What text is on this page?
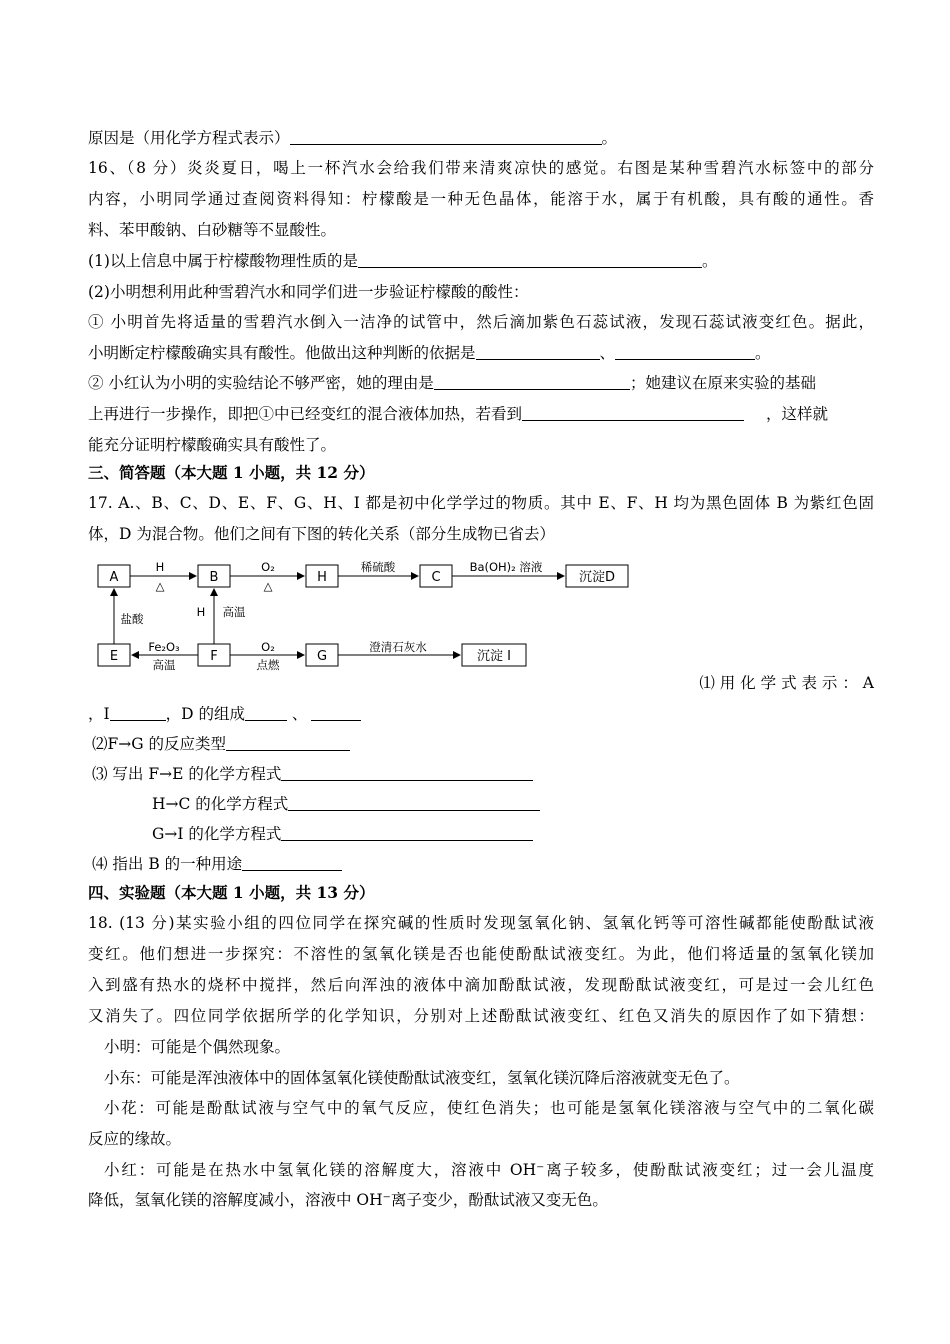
原因是（用化学方程式表示）	。
16、（8 分）炎炎夏日，喝上一杯汽水会给我们带来清爽凉快的感觉。右图是某种雪碧汽水标签中的部分
内容，小明同学通过查阅资料得知：柠檬酸是一种无色晶体，能溶于水，属于有机酸，具有酸的通性。香
料、苯甲酸钠、白砂糖等不显酸性。
(1)以上信息中属于柠檬酸物理性质的是	。
(2)小明想利用此种雪碧汽水和同学们进一步验证柠檬酸的酸性：
① 小明首先将适量的雪碧汽水倒入一洁净的试管中，然后滴加紫色石蕊试液，发现石蕊试液变红色。据此，
小明断定柠檬酸确实具有酸性。他做出这种判断的依据是	、	。
② 小红认为小明的实验结论不够严密，她的理由是	；她建议在原来实验的基础
上再进行一步操作，即把①中已经变红的混合液体加热，若看到	，这样就
能充分证明柠檬酸确实具有酸性了。
三、简答题（本大题 1 小题，共 12 分）
17. A.、B、C、D、E、F、G、H、I 都是初中化学学过的物质。其中 E、F、H 均为黑色固体 B 为紫红色固
体，D 为混合物。他们之间有下图的转化关系（部分生成物已省去）
A	B	H	C	沉淀D
E	F	G	沉淀 I
H
△
O₂
△
稀硫酸	Ba(OH)₂ 溶液
盐酸	H 高温
Fe₂O₃
高温
O₂
点燃
澄清石灰水
⑴ 用 化 学 式 表 示 ： A
，I	，D 的组成	、
⑵F→G 的反应类型
⑶ 写出 F→E 的化学方程式
H→C 的化学方程式
G→I 的化学方程式
⑷ 指出 B 的一种用途
四、实验题（本大题 1 小题，共 13 分）
18. (13 分)某实验小组的四位同学在探究碱的性质时发现氢氧化钠、氢氧化钙等可溶性碱都能使酚酞试液
变红。他们想进一步探究：不溶性的氢氧化镁是否也能使酚酞试液变红。为此，他们将适量的氢氧化镁加
入到盛有热水的烧杯中搅拌，然后向浑浊的液体中滴加酚酞试液，发现酚酞试液变红，可是过一会儿红色
又消失了。四位同学依据所学的化学知识，分别对上述酚酞试液变红、红色又消失的原因作了如下猜想：
小明：可能是个偶然现象。
小东：可能是浑浊液体中的固体氢氧化镁使酚酞试液变红，氢氧化镁沉降后溶液就变无色了。
小花：可能是酚酞试液与空气中的氧气反应，使红色消失；也可能是氢氧化镁溶液与空气中的二氧化碳
反应的缘故。
小红：可能是在热水中氢氧化镁的溶解度大，溶液中 OH⁻离子较多，使酚酞试液变红；过一会儿温度
降低，氢氧化镁的溶解度减小，溶液中 OH⁻离子变少，酚酞试液又变无色。
